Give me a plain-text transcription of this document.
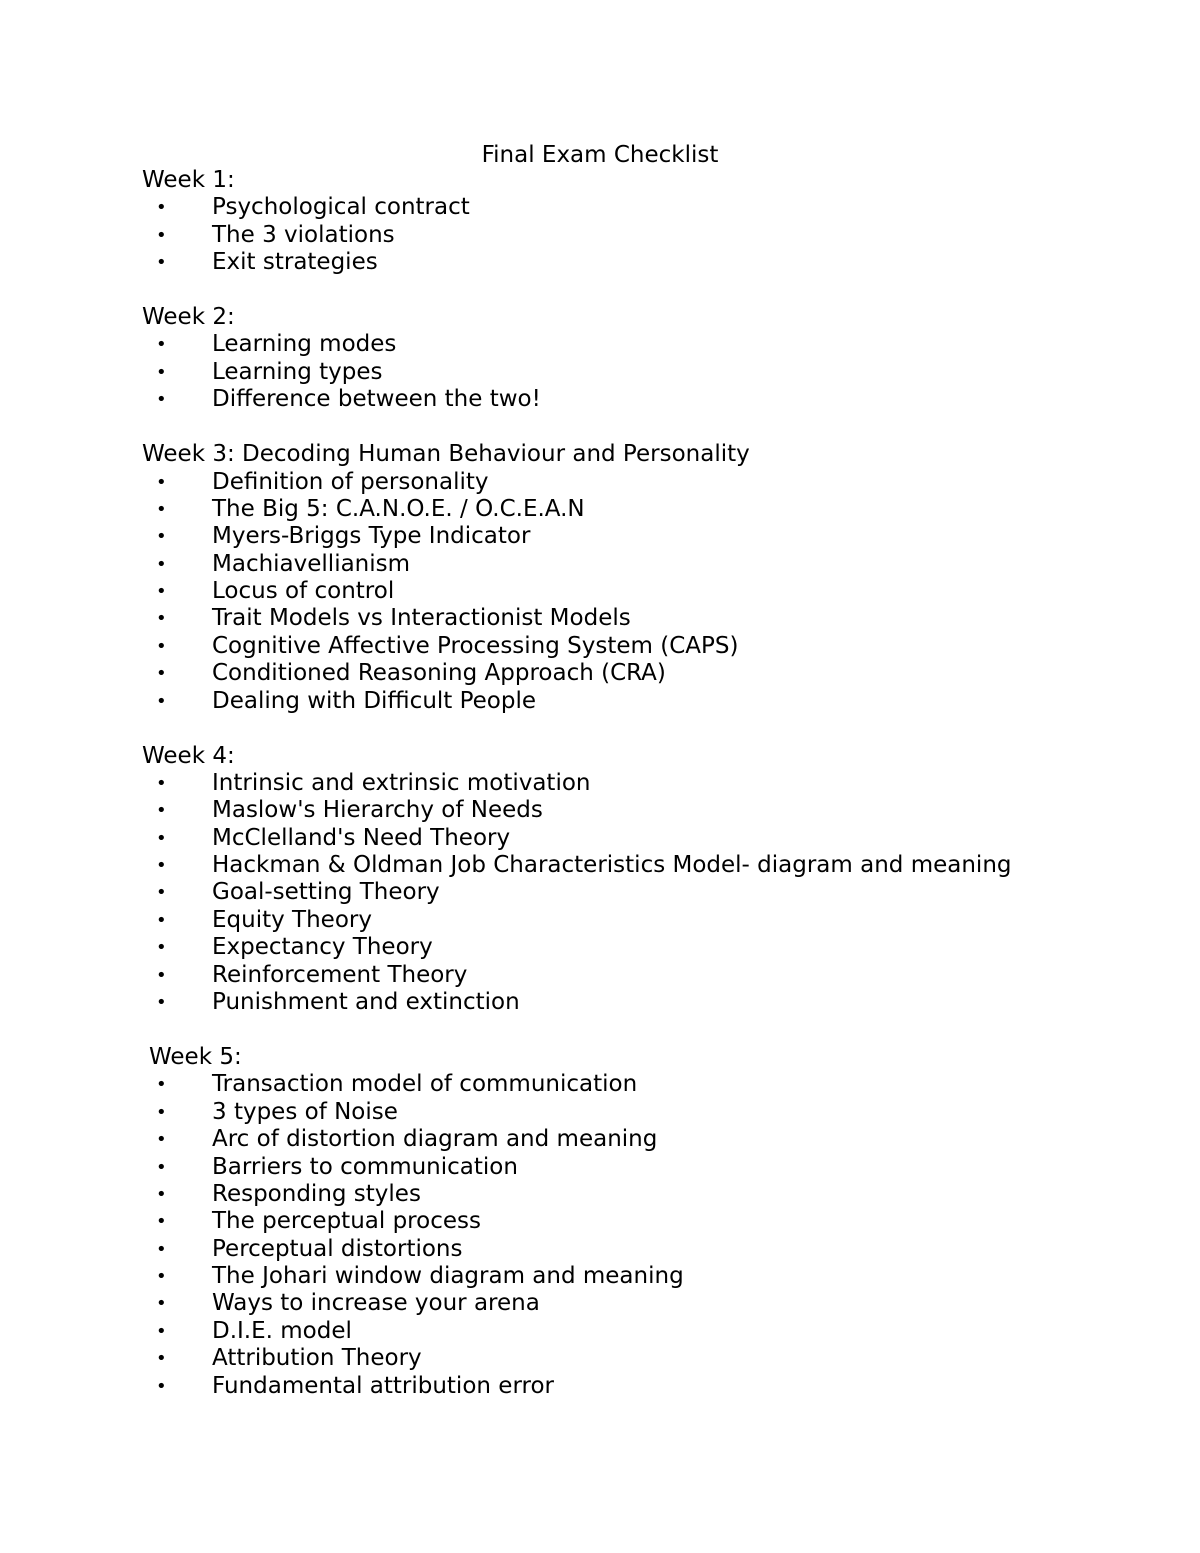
Final Exam Checklist
Week 1:
• Psychological contract
• The 3 violations
• Exit strategies
Week 2:
• Learning modes
• Learning types
• Difference between the two!
Week 3: Decoding Human Behaviour and Personality
• Definition of personality
• The Big 5: C.A.N.O.E. / O.C.E.A.N
• Myers-Briggs Type Indicator
• Machiavellianism
• Locus of control
• Trait Models vs Interactionist Models
• Cognitive Affective Processing System (CAPS)
• Conditioned Reasoning Approach (CRA)
• Dealing with Difficult People
Week 4:
• Intrinsic and extrinsic motivation
• Maslow's Hierarchy of Needs
• McClelland's Need Theory
• Hackman & Oldman Job Characteristics Model- diagram and meaning
• Goal-setting Theory
• Equity Theory
• Expectancy Theory
• Reinforcement Theory
• Punishment and extinction
Week 5:
• Transaction model of communication
• 3 types of Noise
• Arc of distortion diagram and meaning
• Barriers to communication
• Responding styles
• The perceptual process
• Perceptual distortions
• The Johari window diagram and meaning
• Ways to increase your arena
• D.I.E. model
• Attribution Theory
• Fundamental attribution error
